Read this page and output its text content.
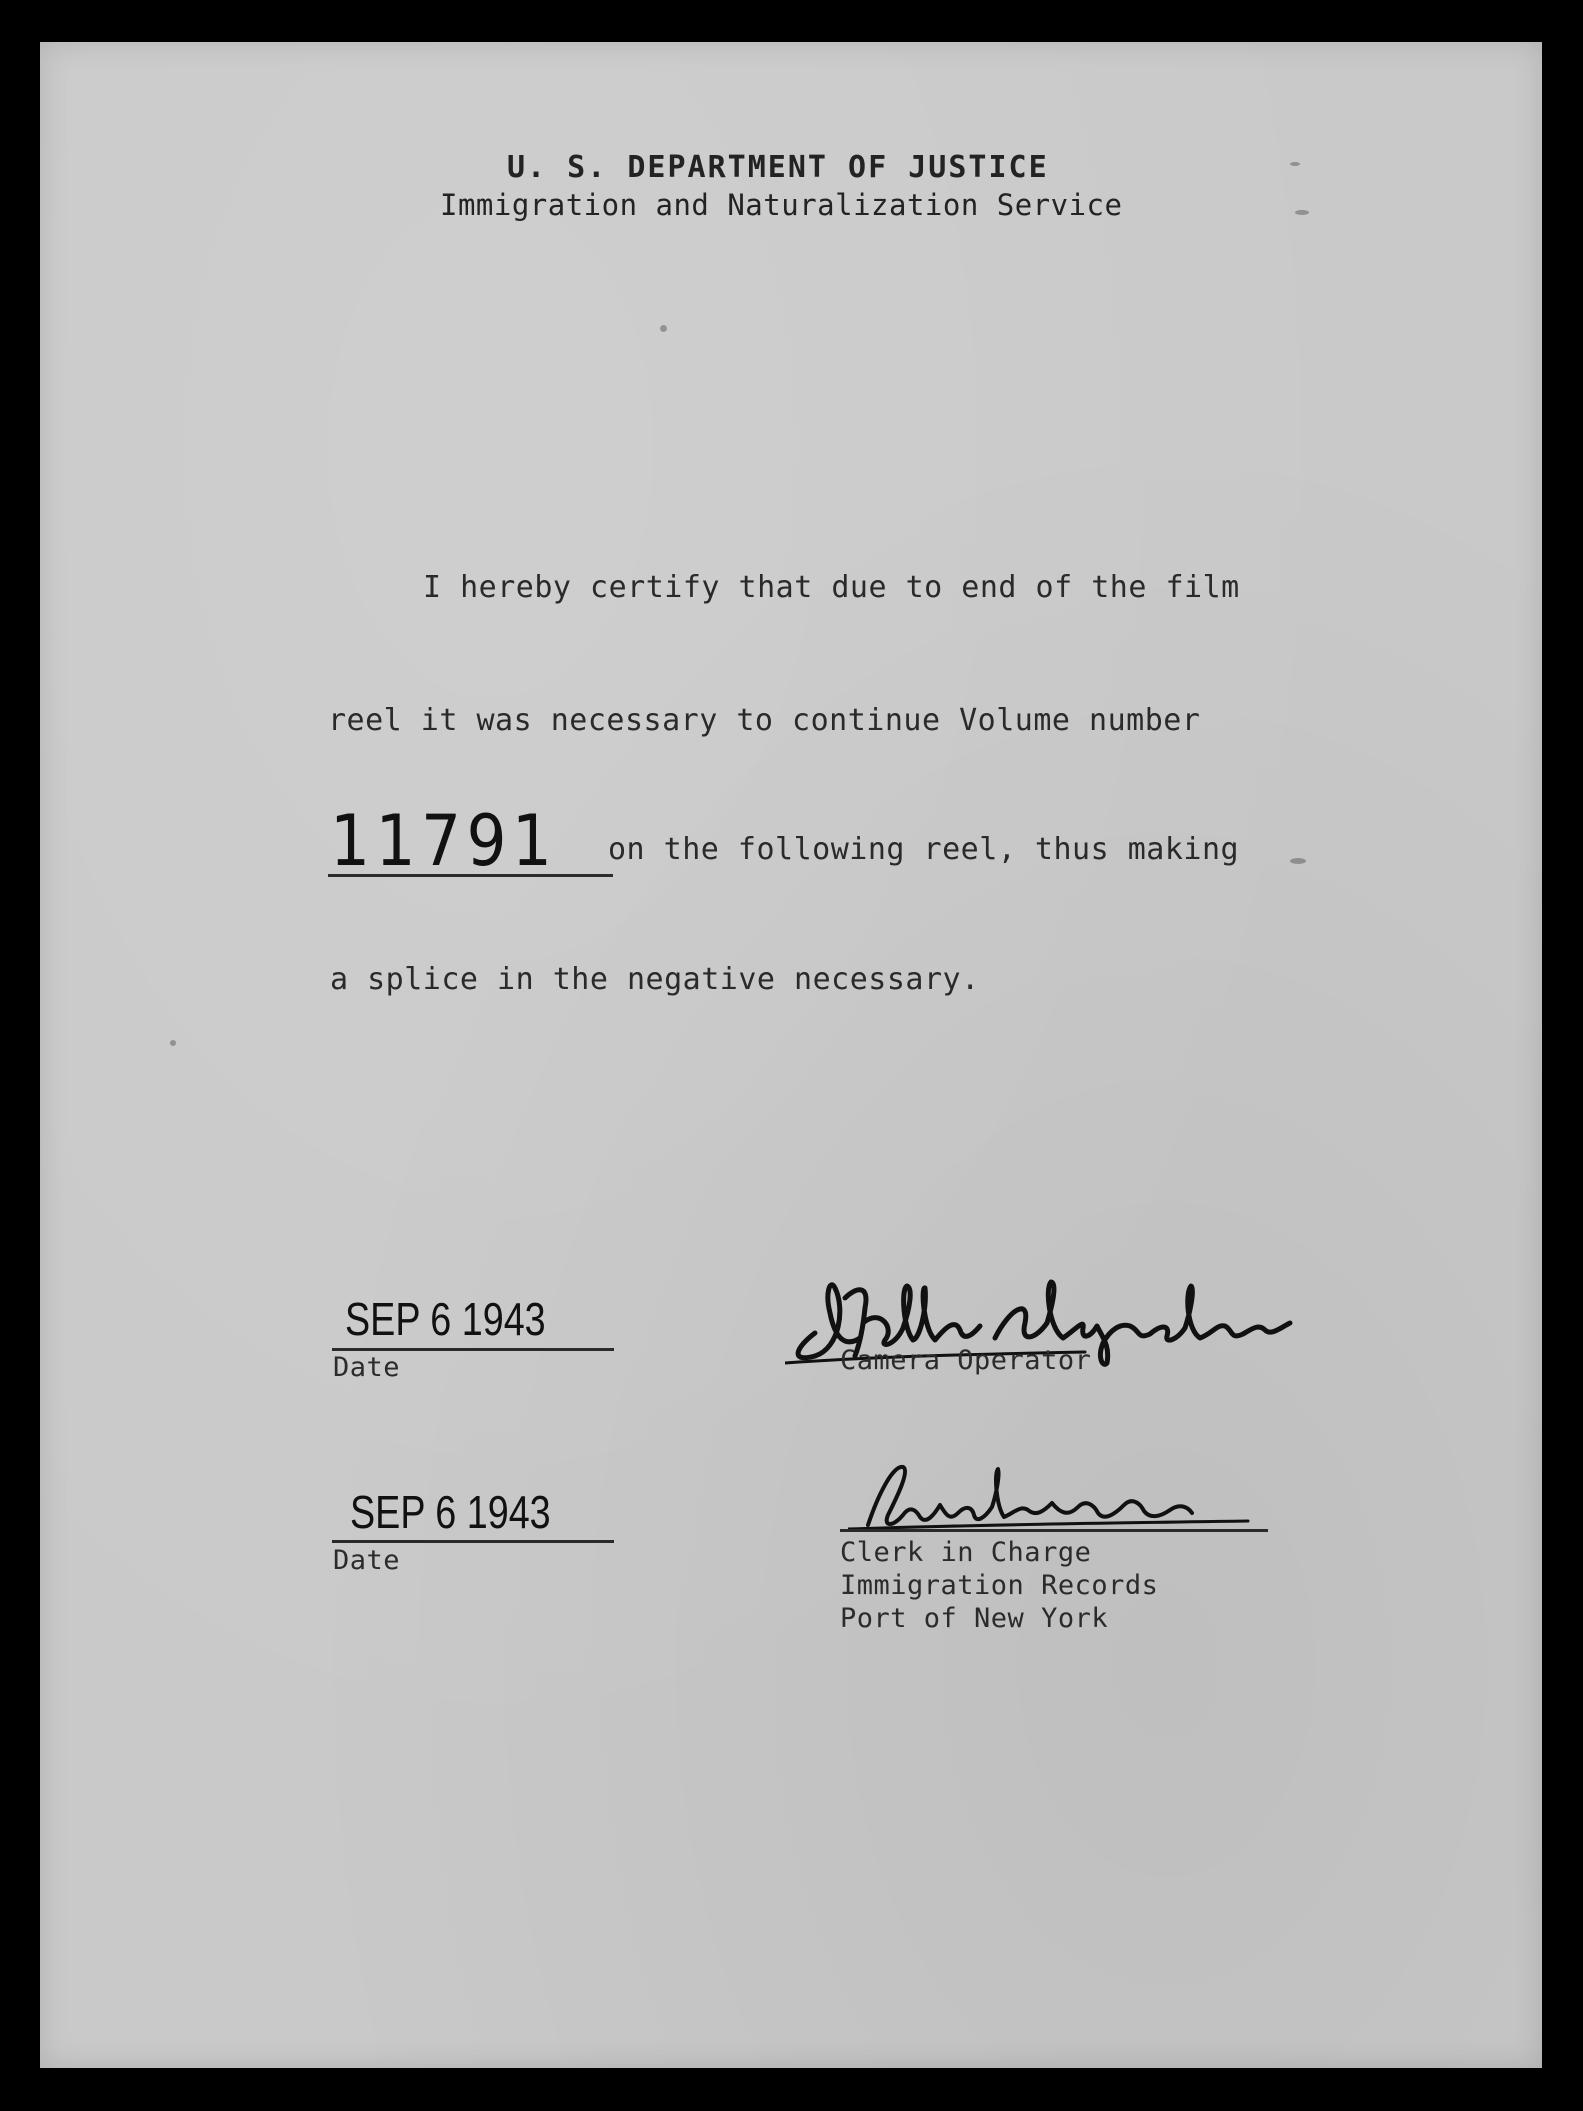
U. S. DEPARTMENT OF JUSTICE
Immigration and Naturalization Service
I hereby certify that due to end of the film
reel it was necessary to continue Volume number
11791 on the following reel, thus making
a splice in the negative necessary.
SEP 6 1943
Date	Camera Operator
SEP 6 1943
Date	Clerk in Charge
Immigration Records
Port of New York
